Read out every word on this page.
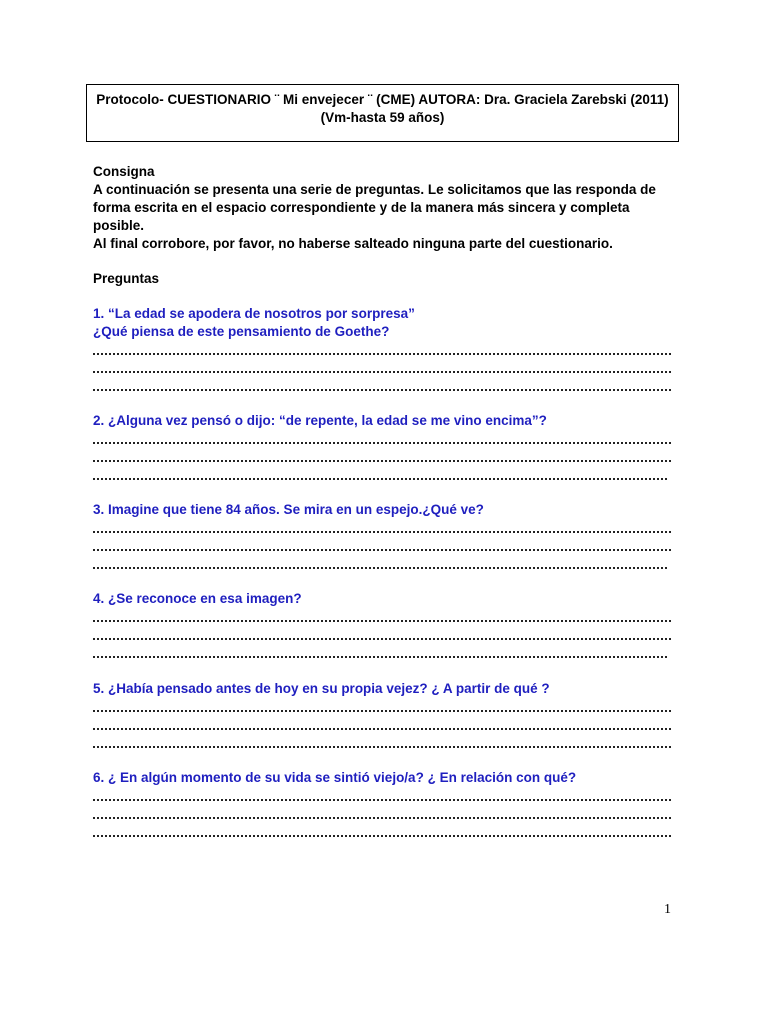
Protocolo- CUESTIONARIO ¨ Mi envejecer ¨ (CME) AUTORA: Dra. Graciela Zarebski (2011)
(Vm-hasta 59 años)
Consigna
A continuación se presenta una serie de preguntas. Le solicitamos que las responda de
forma escrita en el espacio correspondiente y de la manera más sincera y completa
posible.
Al final corrobore, por favor, no haberse salteado ninguna parte del cuestionario.
Preguntas
1. “La edad se apodera de nosotros por sorpresa”
¿Qué piensa de este pensamiento de Goethe?
2. ¿Alguna vez pensó o dijo: “de repente, la edad se me vino encima”?
3. Imagine que tiene 84 años. Se mira en un espejo.¿Qué ve?
4. ¿Se reconoce en esa imagen?
5. ¿Había pensado antes de hoy en su propia vejez? ¿ A partir de qué ?
6. ¿ En algún momento de su vida se sintió viejo/a? ¿ En relación con qué?
1
